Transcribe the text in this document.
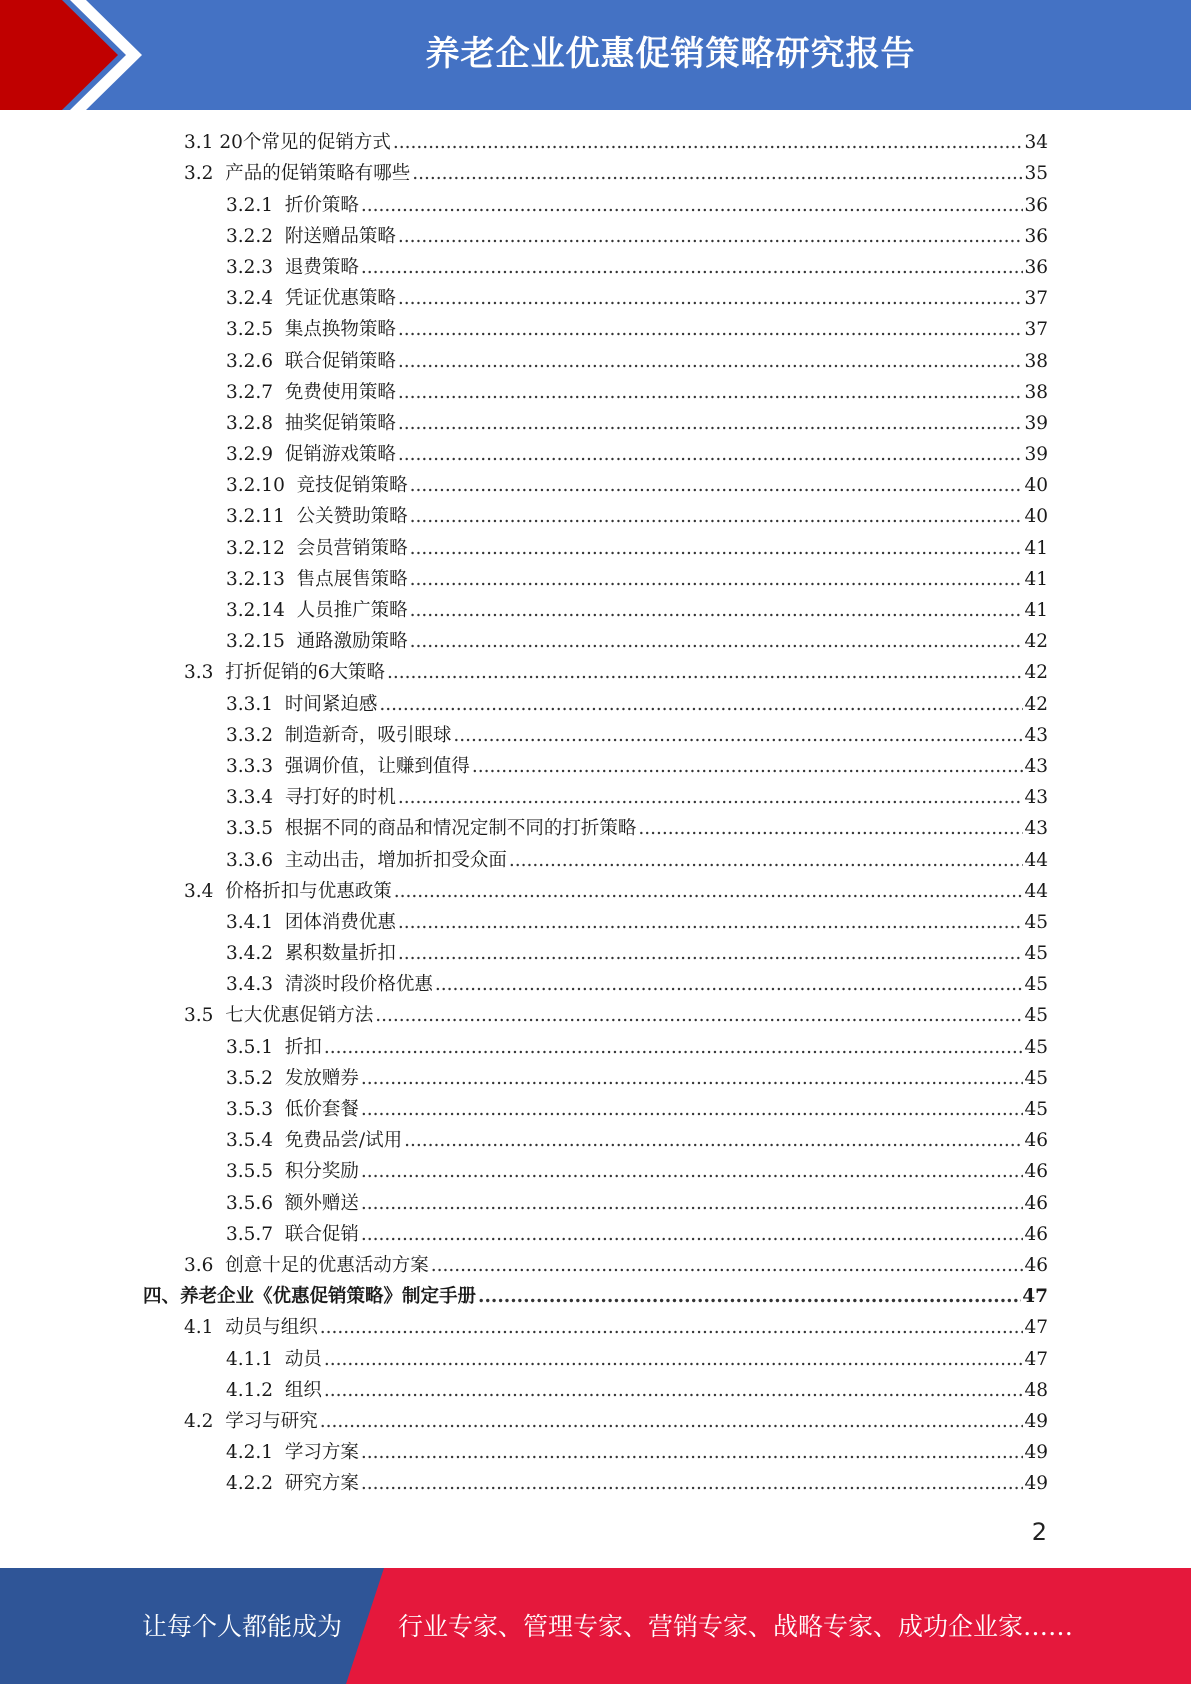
养老企业优惠促销策略研究报告
3.1 20个常见的促销方式 .....	34
3.2 产品的促销策略有哪些 .....	35
3.2.1 折价策略 .....	36
3.2.2 附送赠品策略 .....	36
3.2.3 退费策略 .....	36
3.2.4 凭证优惠策略 .....	37
3.2.5 集点换物策略 .....	37
3.2.6 联合促销策略 .....	38
3.2.7 免费使用策略 .....	38
3.2.8 抽奖促销策略 .....	39
3.2.9 促销游戏策略 .....	39
3.2.10 竞技促销策略 .....	40
3.2.11 公关赞助策略 .....	40
3.2.12 会员营销策略 .....	41
3.2.13 售点展售策略 .....	41
3.2.14 人员推广策略 .....	41
3.2.15 通路激励策略 .....	42
3.3 打折促销的6大策略 .....	42
3.3.1 时间紧迫感 .....	42
3.3.2 制造新奇，吸引眼球 .....	43
3.3.3 强调价值，让赚到值得 .....	43
3.3.4 寻打好的时机 .....	43
3.3.5 根据不同的商品和情况定制不同的打折策略 .....	43
3.3.6 主动出击，增加折扣受众面 .....	44
3.4 价格折扣与优惠政策 .....	44
3.4.1 团体消费优惠 .....	45
3.4.2 累积数量折扣 .....	45
3.4.3 清淡时段价格优惠 .....	45
3.5 七大优惠促销方法 .....	45
3.5.1 折扣 .....	45
3.5.2 发放赠券 .....	45
3.5.3 低价套餐 .....	45
3.5.4 免费品尝/试用 .....	46
3.5.5 积分奖励 .....	46
3.5.6 额外赠送 .....	46
3.5.7 联合促销 .....	46
3.6 创意十足的优惠活动方案 .....	46
四、养老企业《优惠促销策略》制定手册 .....	47
4.1 动员与组织 .....	47
4.1.1 动员 .....	47
4.1.2 组织 .....	48
4.2 学习与研究 .....	49
4.2.1 学习方案 .....	49
4.2.2 研究方案 .....	49
2
让每个人都能成为 行业专家、管理专家、营销专家、战略专家、成功企业家……
